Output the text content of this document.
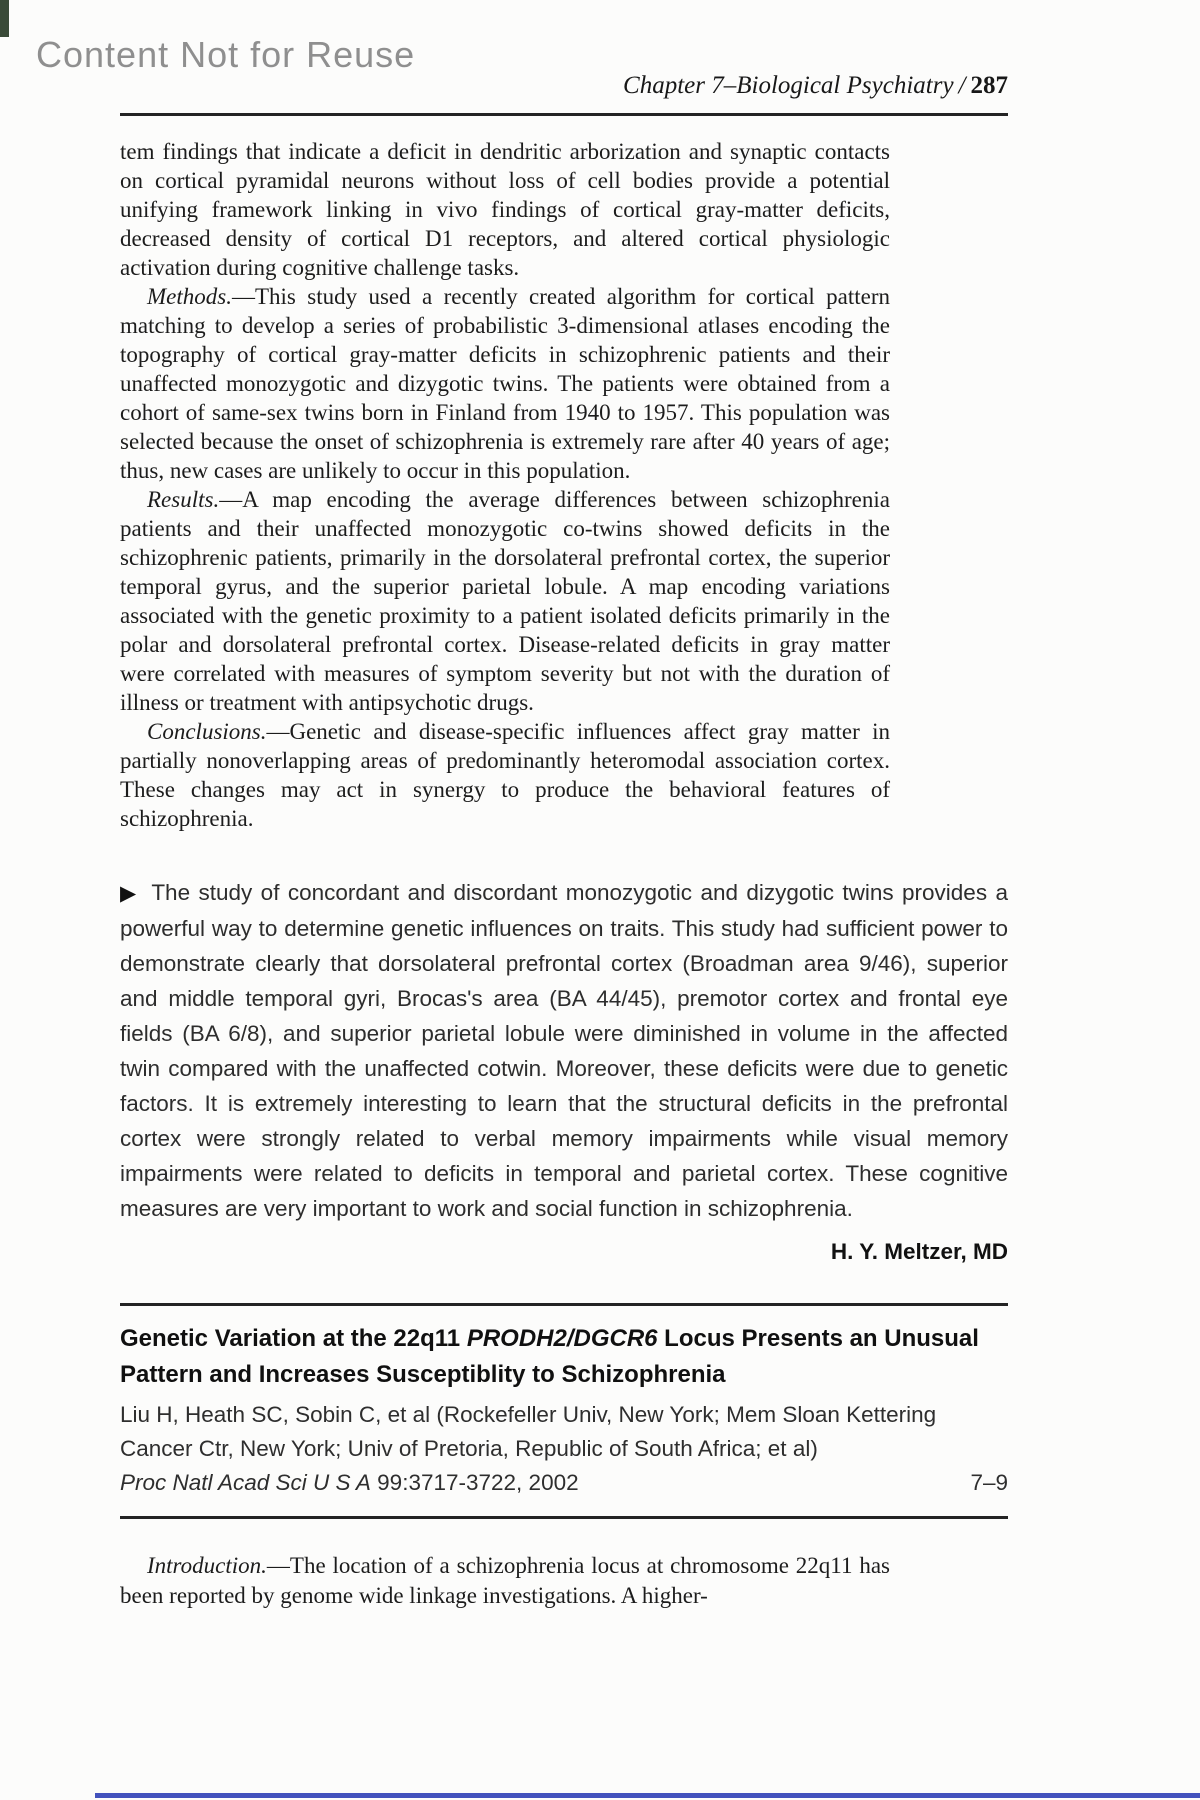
Content Not for Reuse
Chapter 7–Biological Psychiatry / 287

tem findings that indicate a deficit in dendritic arborization and synaptic contacts on cortical pyramidal neurons without loss of cell bodies provide a potential unifying framework linking in vivo findings of cortical gray-matter deficits, decreased density of cortical D1 receptors, and altered cortical physiologic activation during cognitive challenge tasks.

Methods.—This study used a recently created algorithm for cortical pattern matching to develop a series of probabilistic 3-dimensional atlases encoding the topography of cortical gray-matter deficits in schizophrenic patients and their unaffected monozygotic and dizygotic twins. The patients were obtained from a cohort of same-sex twins born in Finland from 1940 to 1957. This population was selected because the onset of schizophrenia is extremely rare after 40 years of age; thus, new cases are unlikely to occur in this population.

Results.—A map encoding the average differences between schizophrenia patients and their unaffected monozygotic co-twins showed deficits in the schizophrenic patients, primarily in the dorsolateral prefrontal cortex, the superior temporal gyrus, and the superior parietal lobule. A map encoding variations associated with the genetic proximity to a patient isolated deficits primarily in the polar and dorsolateral prefrontal cortex. Disease-related deficits in gray matter were correlated with measures of symptom severity but not with the duration of illness or treatment with antipsychotic drugs.

Conclusions.—Genetic and disease-specific influences affect gray matter in partially nonoverlapping areas of predominantly heteromodal association cortex. These changes may act in synergy to produce the behavioral features of schizophrenia.

▶ The study of concordant and discordant monozygotic and dizygotic twins provides a powerful way to determine genetic influences on traits. This study had sufficient power to demonstrate clearly that dorsolateral prefrontal cortex (Broadman area 9/46), superior and middle temporal gyri, Brocas's area (BA 44/45), premotor cortex and frontal eye fields (BA 6/8), and superior parietal lobule were diminished in volume in the affected twin compared with the unaffected cotwin. Moreover, these deficits were due to genetic factors. It is extremely interesting to learn that the structural deficits in the prefrontal cortex were strongly related to verbal memory impairments while visual memory impairments were related to deficits in temporal and parietal cortex. These cognitive measures are very important to work and social function in schizophrenia.

H. Y. Meltzer, MD

Genetic Variation at the 22q11 PRODH2/DGCR6 Locus Presents an Unusual Pattern and Increases Susceptiblity to Schizophrenia

Liu H, Heath SC, Sobin C, et al (Rockefeller Univ, New York; Mem Sloan Kettering Cancer Ctr, New York; Univ of Pretoria, Republic of South Africa; et al)

Proc Natl Acad Sci U S A 99:3717-3722, 2002	7–9

Introduction.—The location of a schizophrenia locus at chromosome 22q11 has been reported by genome wide linkage investigations. A higher-
